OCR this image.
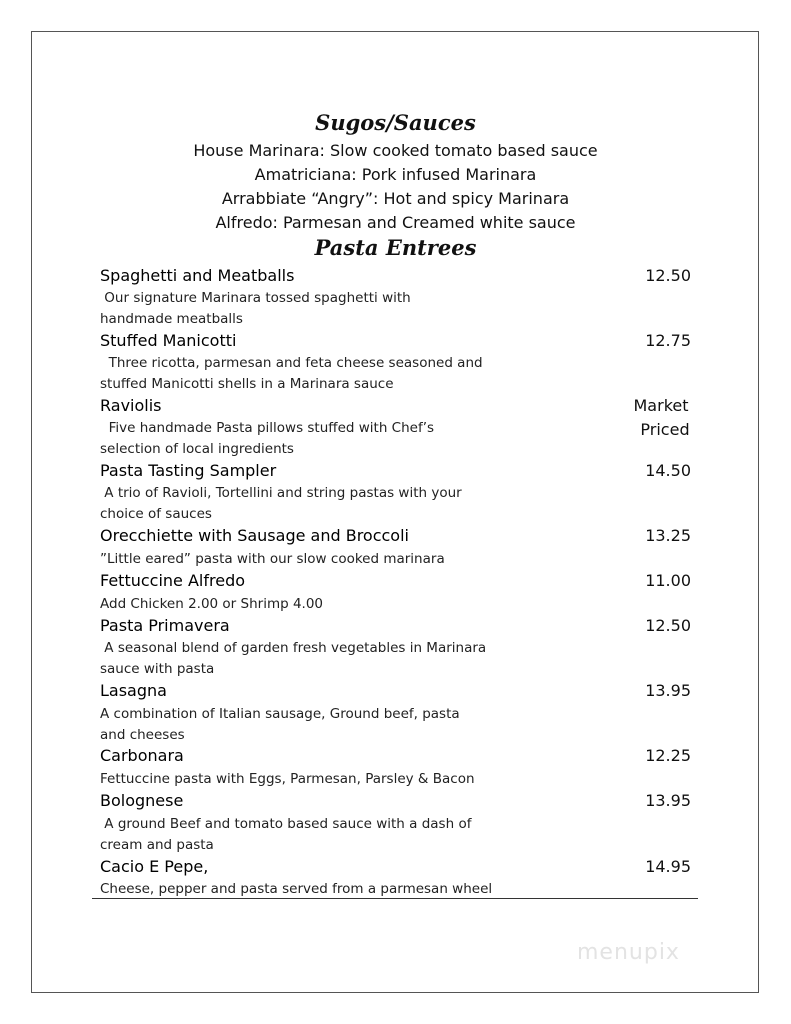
Sugos/Sauces
House Marinara: Slow cooked tomato based sauce
Amatriciana: Pork infused Marinara
Arrabbiate “Angry”: Hot and spicy Marinara
Alfredo: Parmesan and Creamed white sauce
Pasta Entrees
Spaghetti and Meatballs	12.50
Our signature Marinara tossed spaghetti with
handmade meatballs
Stuffed Manicotti	12.75
Three ricotta, parmesan and feta cheese seasoned and
stuffed Manicotti shells in a Marinara sauce
Raviolis	Market
Priced
Five handmade Pasta pillows stuffed with Chef’s
selection of local ingredients
Pasta Tasting Sampler	14.50
A trio of Ravioli, Tortellini and string pastas with your
choice of sauces
Orecchiette with Sausage and Broccoli	13.25
”Little eared” pasta with our slow cooked marinara
Fettuccine Alfredo	11.00
Add Chicken 2.00 or Shrimp 4.00
Pasta Primavera	12.50
A seasonal blend of garden fresh vegetables in Marinara
sauce with pasta
Lasagna	13.95
A combination of Italian sausage, Ground beef, pasta
and cheeses
Carbonara	12.25
Fettuccine pasta with Eggs, Parmesan, Parsley & Bacon
Bolognese	13.95
A ground Beef and tomato based sauce with a dash of
cream and pasta
Cacio E Pepe,	14.95
Cheese, pepper and pasta served from a parmesan wheel
menupix
